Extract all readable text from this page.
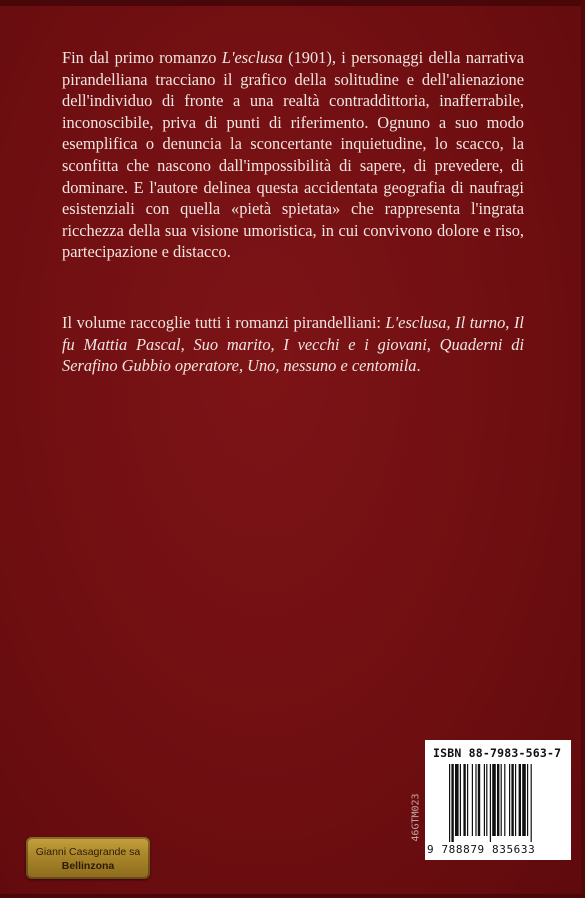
Fin dal primo romanzo L'esclusa (1901), i personaggi della narrativa pirandelliana tracciano il grafico della solitudine e dell'alienazione dell'individuo di fronte a una realtà contraddittoria, inafferrabile, inconoscibile, priva di punti di riferimento. Ognuno a suo modo esemplifica o denuncia la sconcertante inquietudine, lo scacco, la sconfitta che nascono dall'impossibilità di sapere, di prevedere, di dominare. E l'autore delinea questa accidentata geografia di naufragi esistenziali con quella «pietà spietata» che rappresenta l'ingrata ricchezza della sua visione umoristica, in cui convivono dolore e riso, partecipazione e distacco.

Il volume raccoglie tutti i romanzi pirandelliani: L'esclusa, Il turno, Il fu Mattia Pascal, Suo marito, I vecchi e i giovani, Quaderni di Serafino Gubbio operatore, Uno, nessuno e centomila.

46GTM023
ISBN 88-7983-563-7
9 788879 835633
Gianni Casagrande sa
Bellinzona
